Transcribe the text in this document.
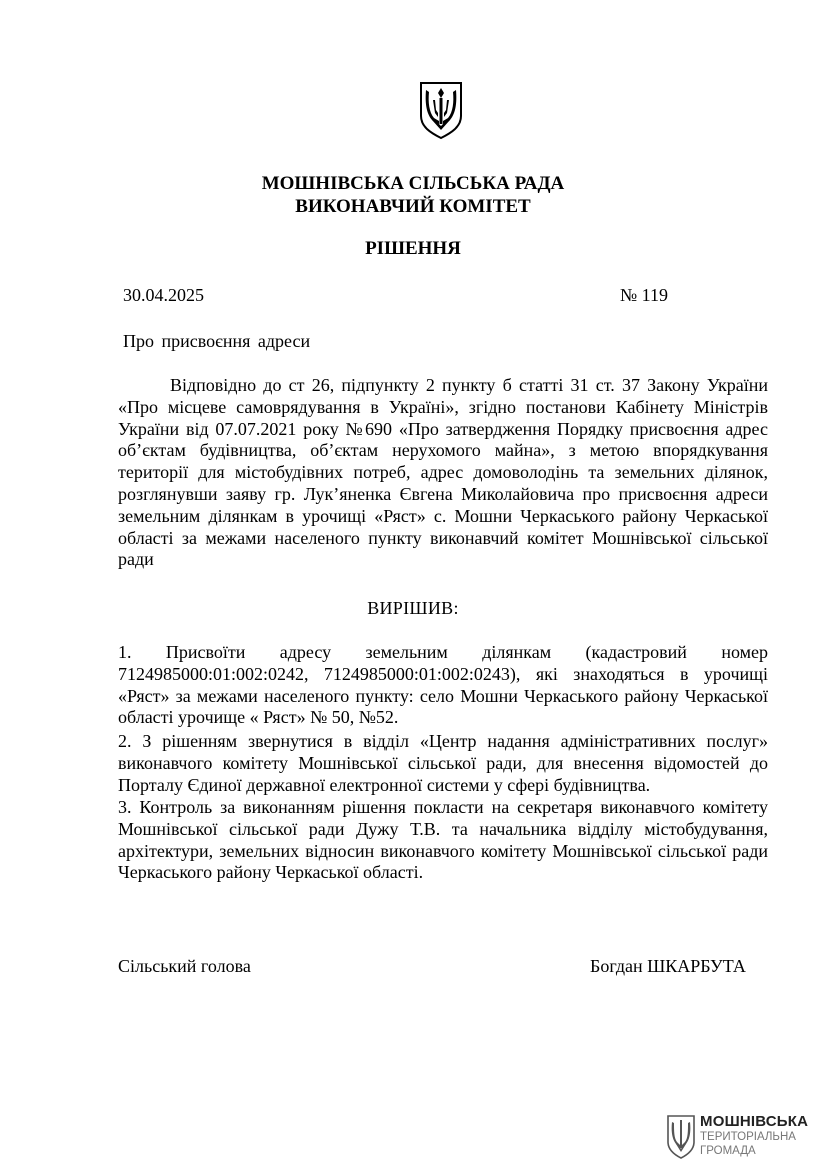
МОШНІВСЬКА СІЛЬСЬКА РАДА
ВИКОНАВЧИЙ КОМІТЕТ
РІШЕННЯ
30.04.2025	№ 119
Про присвоєння адреси

Відповідно до ст 26, підпункту 2 пункту б статті 31 ст. 37 Закону України «Про місцеве самоврядування в Україні», згідно постанови Кабінету Міністрів України від 07.07.2021 року №690 «Про затвердження Порядку присвоєння адрес об’єктам будівництва, об’єктам нерухомого майна», з метою впорядкування території для містобудівних потреб, адрес домоволодінь та земельних ділянок, розглянувши заяву гр. Лук’яненка Євгена Миколайовича про присвоєння адреси земельним ділянкам в урочищі «Ряст» с. Мошни Черкаського району Черкаської області за межами населеного пункту виконавчий комітет Мошнівської сільської ради

ВИРІШИВ:

1. Присвоїти адресу земельним ділянкам (кадастровий номер 7124985000:01:002:0242, 7124985000:01:002:0243), які знаходяться в урочищі «Ряст» за межами населеного пункту: село Мошни Черкаського району Черкаської області урочище « Ряст» № 50, №52.

2. З рішенням звернутися в відділ «Центр надання адміністративних послуг» виконавчого комітету Мошнівської сільської ради, для внесення відомостей до Порталу Єдиної державної електронної системи у сфері будівництва.

3. Контроль за виконанням рішення покласти на секретаря виконавчого комітету Мошнівської сільської ради Дужу Т.В. та начальника відділу містобудування, архітектури, земельних відносин виконавчого комітету Мошнівської сільської ради Черкаського району Черкаської області.

Сільський голова	Богдан ШКАРБУТА
МОШНІВСЬКА
ТЕРИТОРІАЛЬНА
ГРОМАДА
